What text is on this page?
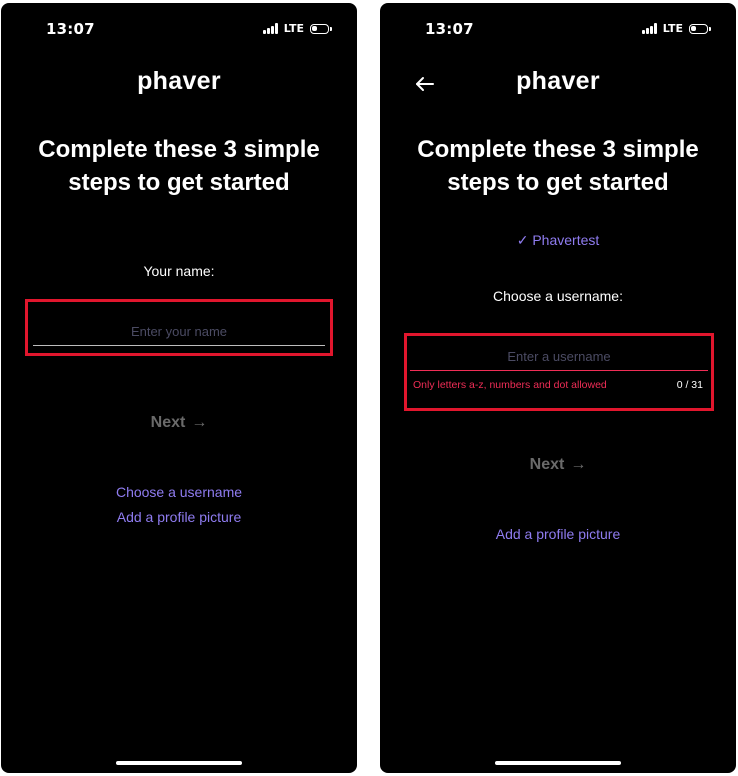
13:07	LTE
phaver
Complete these 3 simple
steps to get started
Your name:
Enter your name
Next →
Choose a username
Add a profile picture
13:07	LTE
phaver
Complete these 3 simple
steps to get started
✓ Phavertest
Choose a username:
Enter a username
Only letters a-z, numbers and dot allowed	0 / 31
Next →
Add a profile picture
